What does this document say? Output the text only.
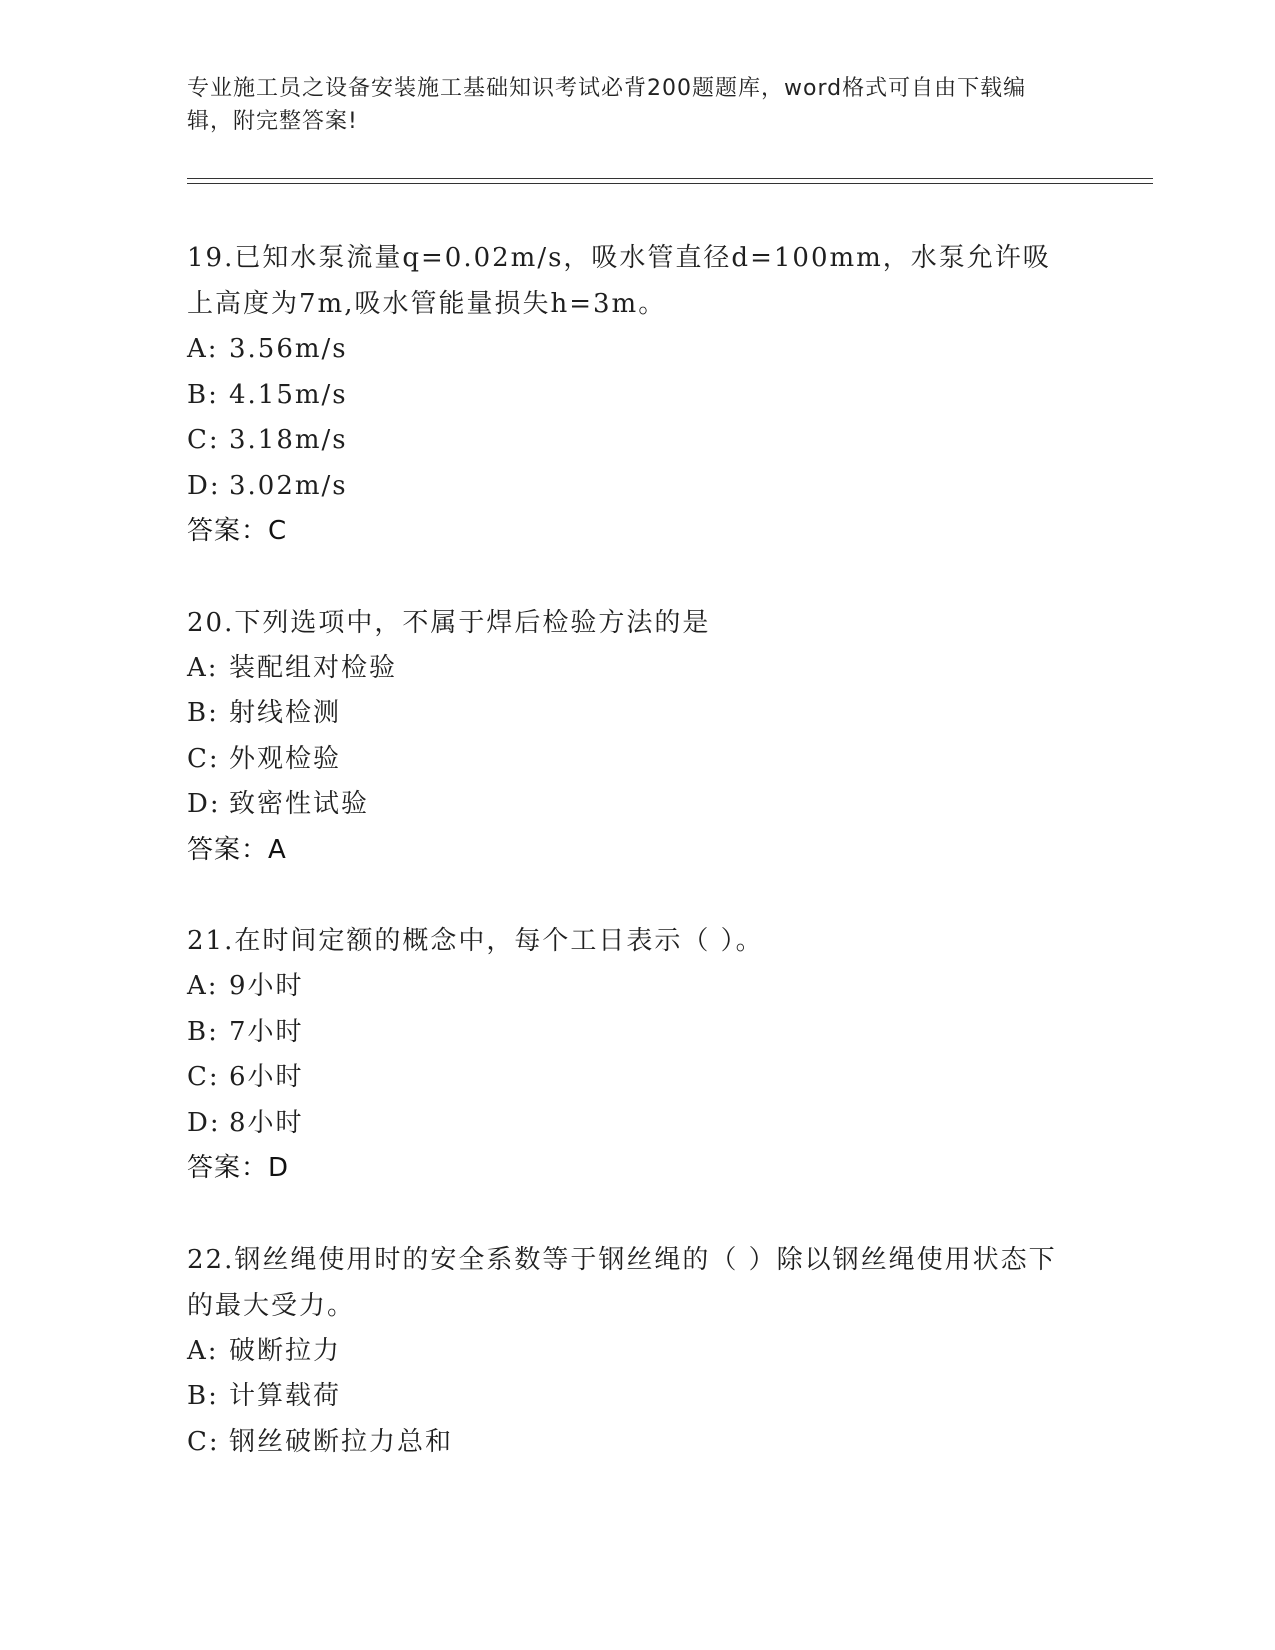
专业施工员之设备安装施工基础知识考试必背200题题库，word格式可自由下载编辑，附完整答案!

19.已知水泵流量q=0.02m/s，吸水管直径d=100mm，水泵允许吸上高度为7m,吸水管能量损失h=3m。

A: 3.56m/s

B: 4.15m/s

C: 3.18m/s

D: 3.02m/s

答案：C

20.下列选项中，不属于焊后检验方法的是

A: 装配组对检验

B: 射线检测

C: 外观检验

D: 致密性试验

答案：A

21.在时间定额的概念中，每个工日表示（ ）。

A: 9小时

B: 7小时

C: 6小时

D: 8小时

答案：D

22.钢丝绳使用时的安全系数等于钢丝绳的（ ）除以钢丝绳使用状态下的最大受力。

A: 破断拉力

B: 计算载荷

C: 钢丝破断拉力总和
